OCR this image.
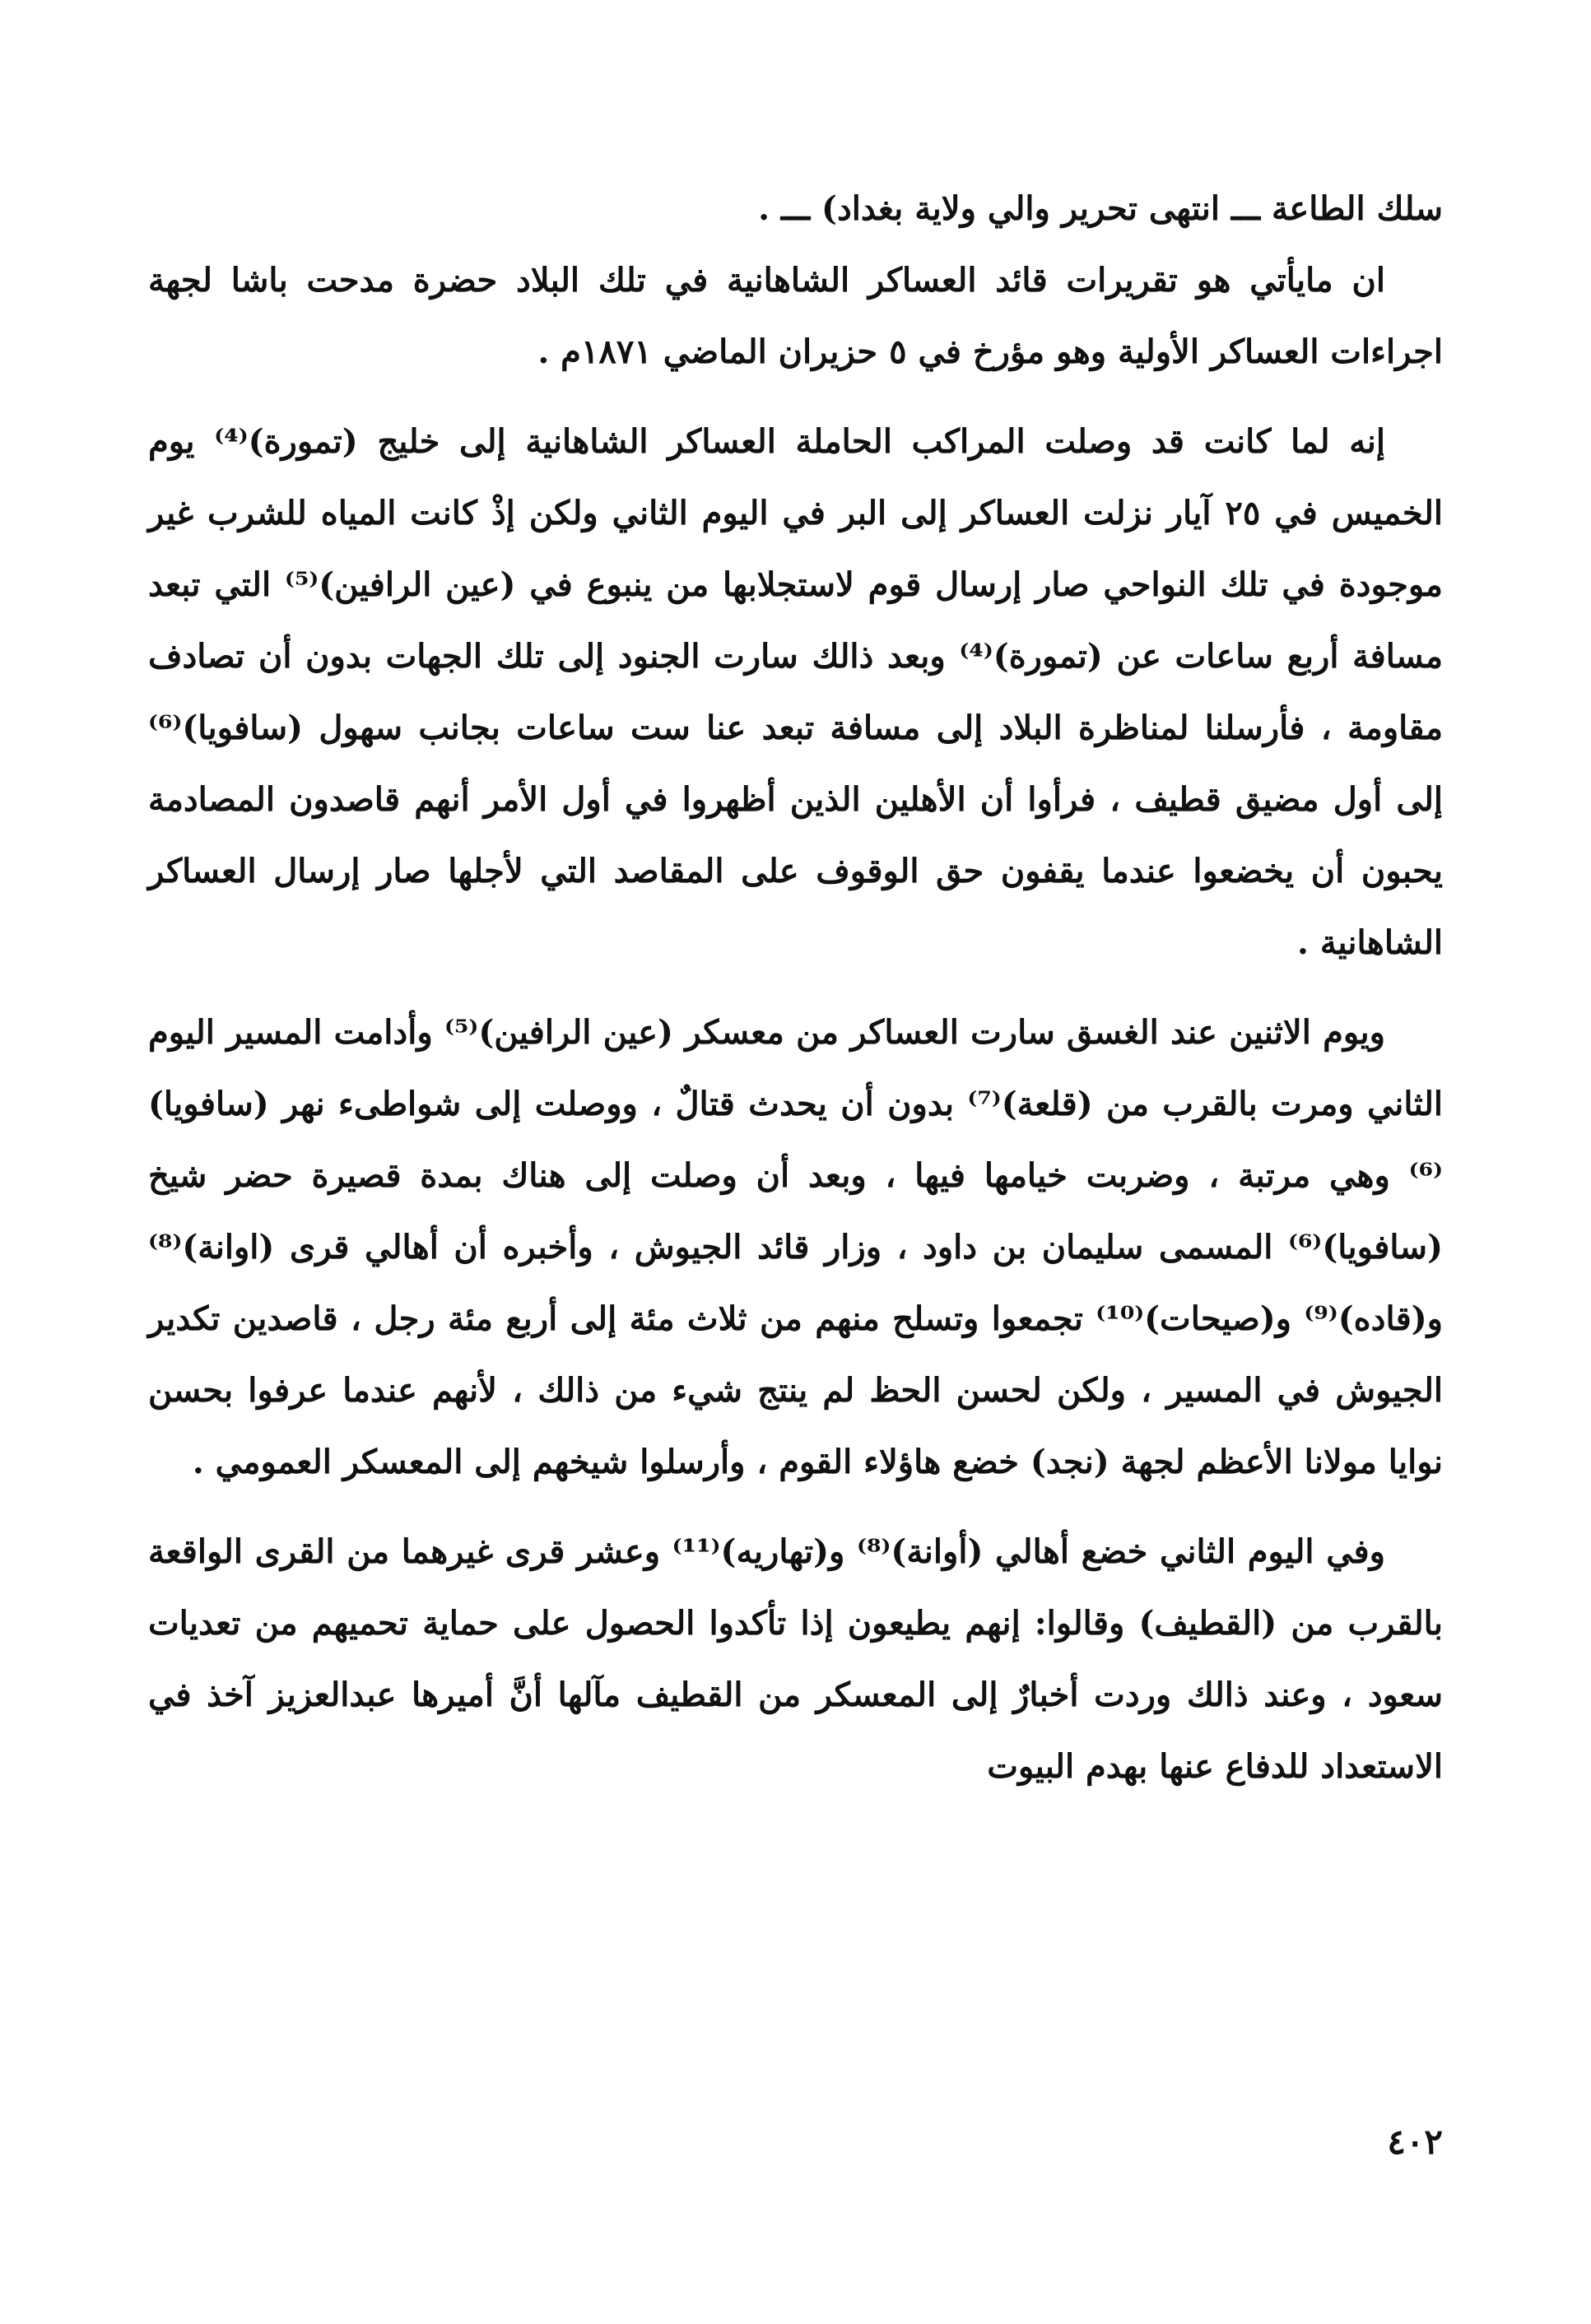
سلك الطاعة ـــ انتهى تحرير والي ولاية بغداد) ـــ .

ان مايأتي هو تقريرات قائد العساكر الشاهانية في تلك البلاد حضرة مدحت باشا لجهة اجراءات العساكر الأولية وهو مؤرخ في ٥ حزيران الماضي ١٨٧١م .

إنه لما كانت قد وصلت المراكب الحاملة العساكر الشاهانية إلى خليج (تمورة)⁽⁴⁾ يوم الخميس في ٢٥ آيار نزلت العساكر إلى البر في اليوم الثاني ولكن إذْ كانت المياه للشرب غير موجودة في تلك النواحي صار إرسال قوم لاستجلابها من ينبوع في (عين الرافين)⁽⁵⁾ التي تبعد مسافة أربع ساعات عن (تمورة)⁽⁴⁾ وبعد ذالك سارت الجنود إلى تلك الجهات بدون أن تصادف مقاومة ، فأرسلنا لمناظرة البلاد إلى مسافة تبعد عنا ست ساعات بجانب سهول (سافويا)⁽⁶⁾ إلى أول مضيق قطيف ، فرأوا أن الأهلين الذين أظهروا في أول الأمر أنهم قاصدون المصادمة يحبون أن يخضعوا عندما يقفون حق الوقوف على المقاصد التي لأجلها صار إرسال العساكر الشاهانية .

ويوم الاثنين عند الغسق سارت العساكر من معسكر (عين الرافين)⁽⁵⁾ وأدامت المسير اليوم الثاني ومرت بالقرب من (قلعة)⁽⁷⁾ بدون أن يحدث قتالٌ ، ووصلت إلى شواطىء نهر (سافويا)⁽⁶⁾ وهي مرتبة ، وضربت خيامها فيها ، وبعد أن وصلت إلى هناك بمدة قصيرة حضر شيخ (سافويا)⁽⁶⁾ المسمى سليمان بن داود ، وزار قائد الجيوش ، وأخبره أن أهالي قرى (اوانة)⁽⁸⁾ و(قاده)⁽⁹⁾ و(صيحات)⁽¹⁰⁾ تجمعوا وتسلح منهم من ثلاث مئة إلى أربع مئة رجل ، قاصدين تكدير الجيوش في المسير ، ولكن لحسن الحظ لم ينتج شيء من ذالك ، لأنهم عندما عرفوا بحسن نوايا مولانا الأعظم لجهة (نجد) خضع هاؤلاء القوم ، وأرسلوا شيخهم إلى المعسكر العمومي .

وفي اليوم الثاني خضع أهالي (أوانة)⁽⁸⁾ و(تهاريه)⁽¹¹⁾ وعشر قرى غيرهما من القرى الواقعة بالقرب من (القطيف) وقالوا: إنهم يطيعون إذا تأكدوا الحصول على حماية تحميهم من تعديات سعود ، وعند ذالك وردت أخبارٌ إلى المعسكر من القطيف مآلها أنَّ أميرها عبدالعزيز آخذ في الاستعداد للدفاع عنها بهدم البيوت

٤٠٢
